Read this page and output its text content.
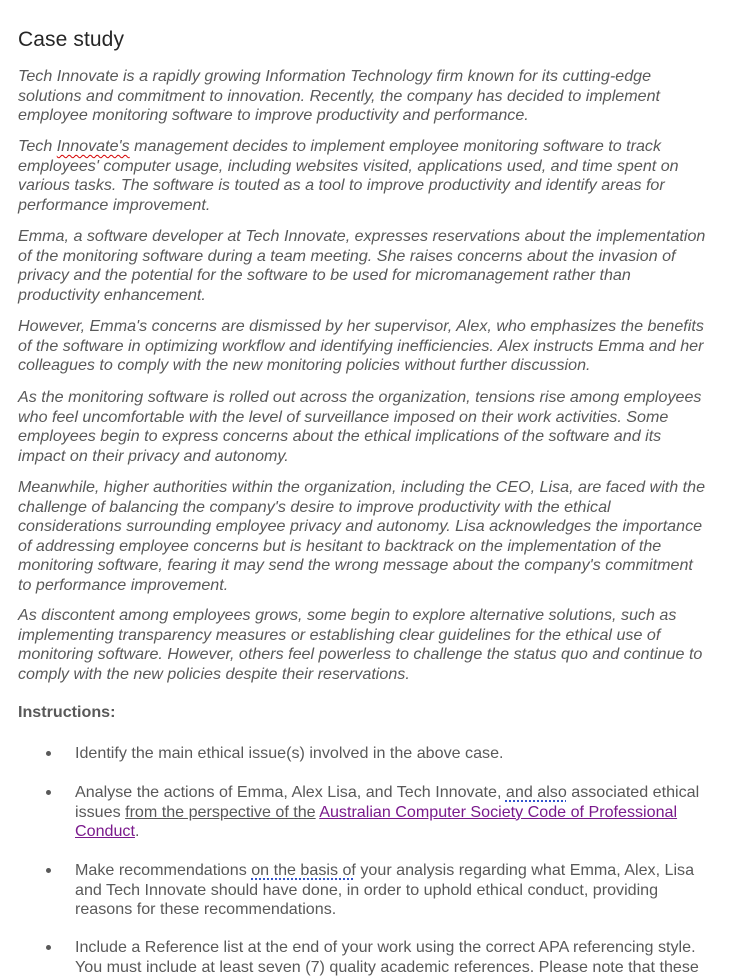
Case study

Tech Innovate is a rapidly growing Information Technology firm known for its cutting-edge
solutions and commitment to innovation. Recently, the company has decided to implement
employee monitoring software to improve productivity and performance.

Tech Innovate's management decides to implement employee monitoring software to track
employees' computer usage, including websites visited, applications used, and time spent on
various tasks. The software is touted as a tool to improve productivity and identify areas for
performance improvement.

Emma, a software developer at Tech Innovate, expresses reservations about the implementation
of the monitoring software during a team meeting. She raises concerns about the invasion of
privacy and the potential for the software to be used for micromanagement rather than
productivity enhancement.

However, Emma's concerns are dismissed by her supervisor, Alex, who emphasizes the benefits
of the software in optimizing workflow and identifying inefficiencies. Alex instructs Emma and her
colleagues to comply with the new monitoring policies without further discussion.

As the monitoring software is rolled out across the organization, tensions rise among employees
who feel uncomfortable with the level of surveillance imposed on their work activities. Some
employees begin to express concerns about the ethical implications of the software and its
impact on their privacy and autonomy.

Meanwhile, higher authorities within the organization, including the CEO, Lisa, are faced with the
challenge of balancing the company's desire to improve productivity with the ethical
considerations surrounding employee privacy and autonomy. Lisa acknowledges the importance
of addressing employee concerns but is hesitant to backtrack on the implementation of the
monitoring software, fearing it may send the wrong message about the company's commitment
to performance improvement.

As discontent among employees grows, some begin to explore alternative solutions, such as
implementing transparency measures or establishing clear guidelines for the ethical use of
monitoring software. However, others feel powerless to challenge the status quo and continue to
comply with the new policies despite their reservations.

Instructions:

Identify the main ethical issue(s) involved in the above case.
Analyse the actions of Emma, Alex Lisa, and Tech Innovate, and also associated ethical
issues from the perspective of the Australian Computer Society Code of Professional
Conduct.
Make recommendations on the basis of your analysis regarding what Emma, Alex, Lisa
and Tech Innovate should have done, in order to uphold ethical conduct, providing
reasons for these recommendations.
Include a Reference list at the end of your work using the correct APA referencing style.
You must include at least seven (7) quality academic references. Please note that these
